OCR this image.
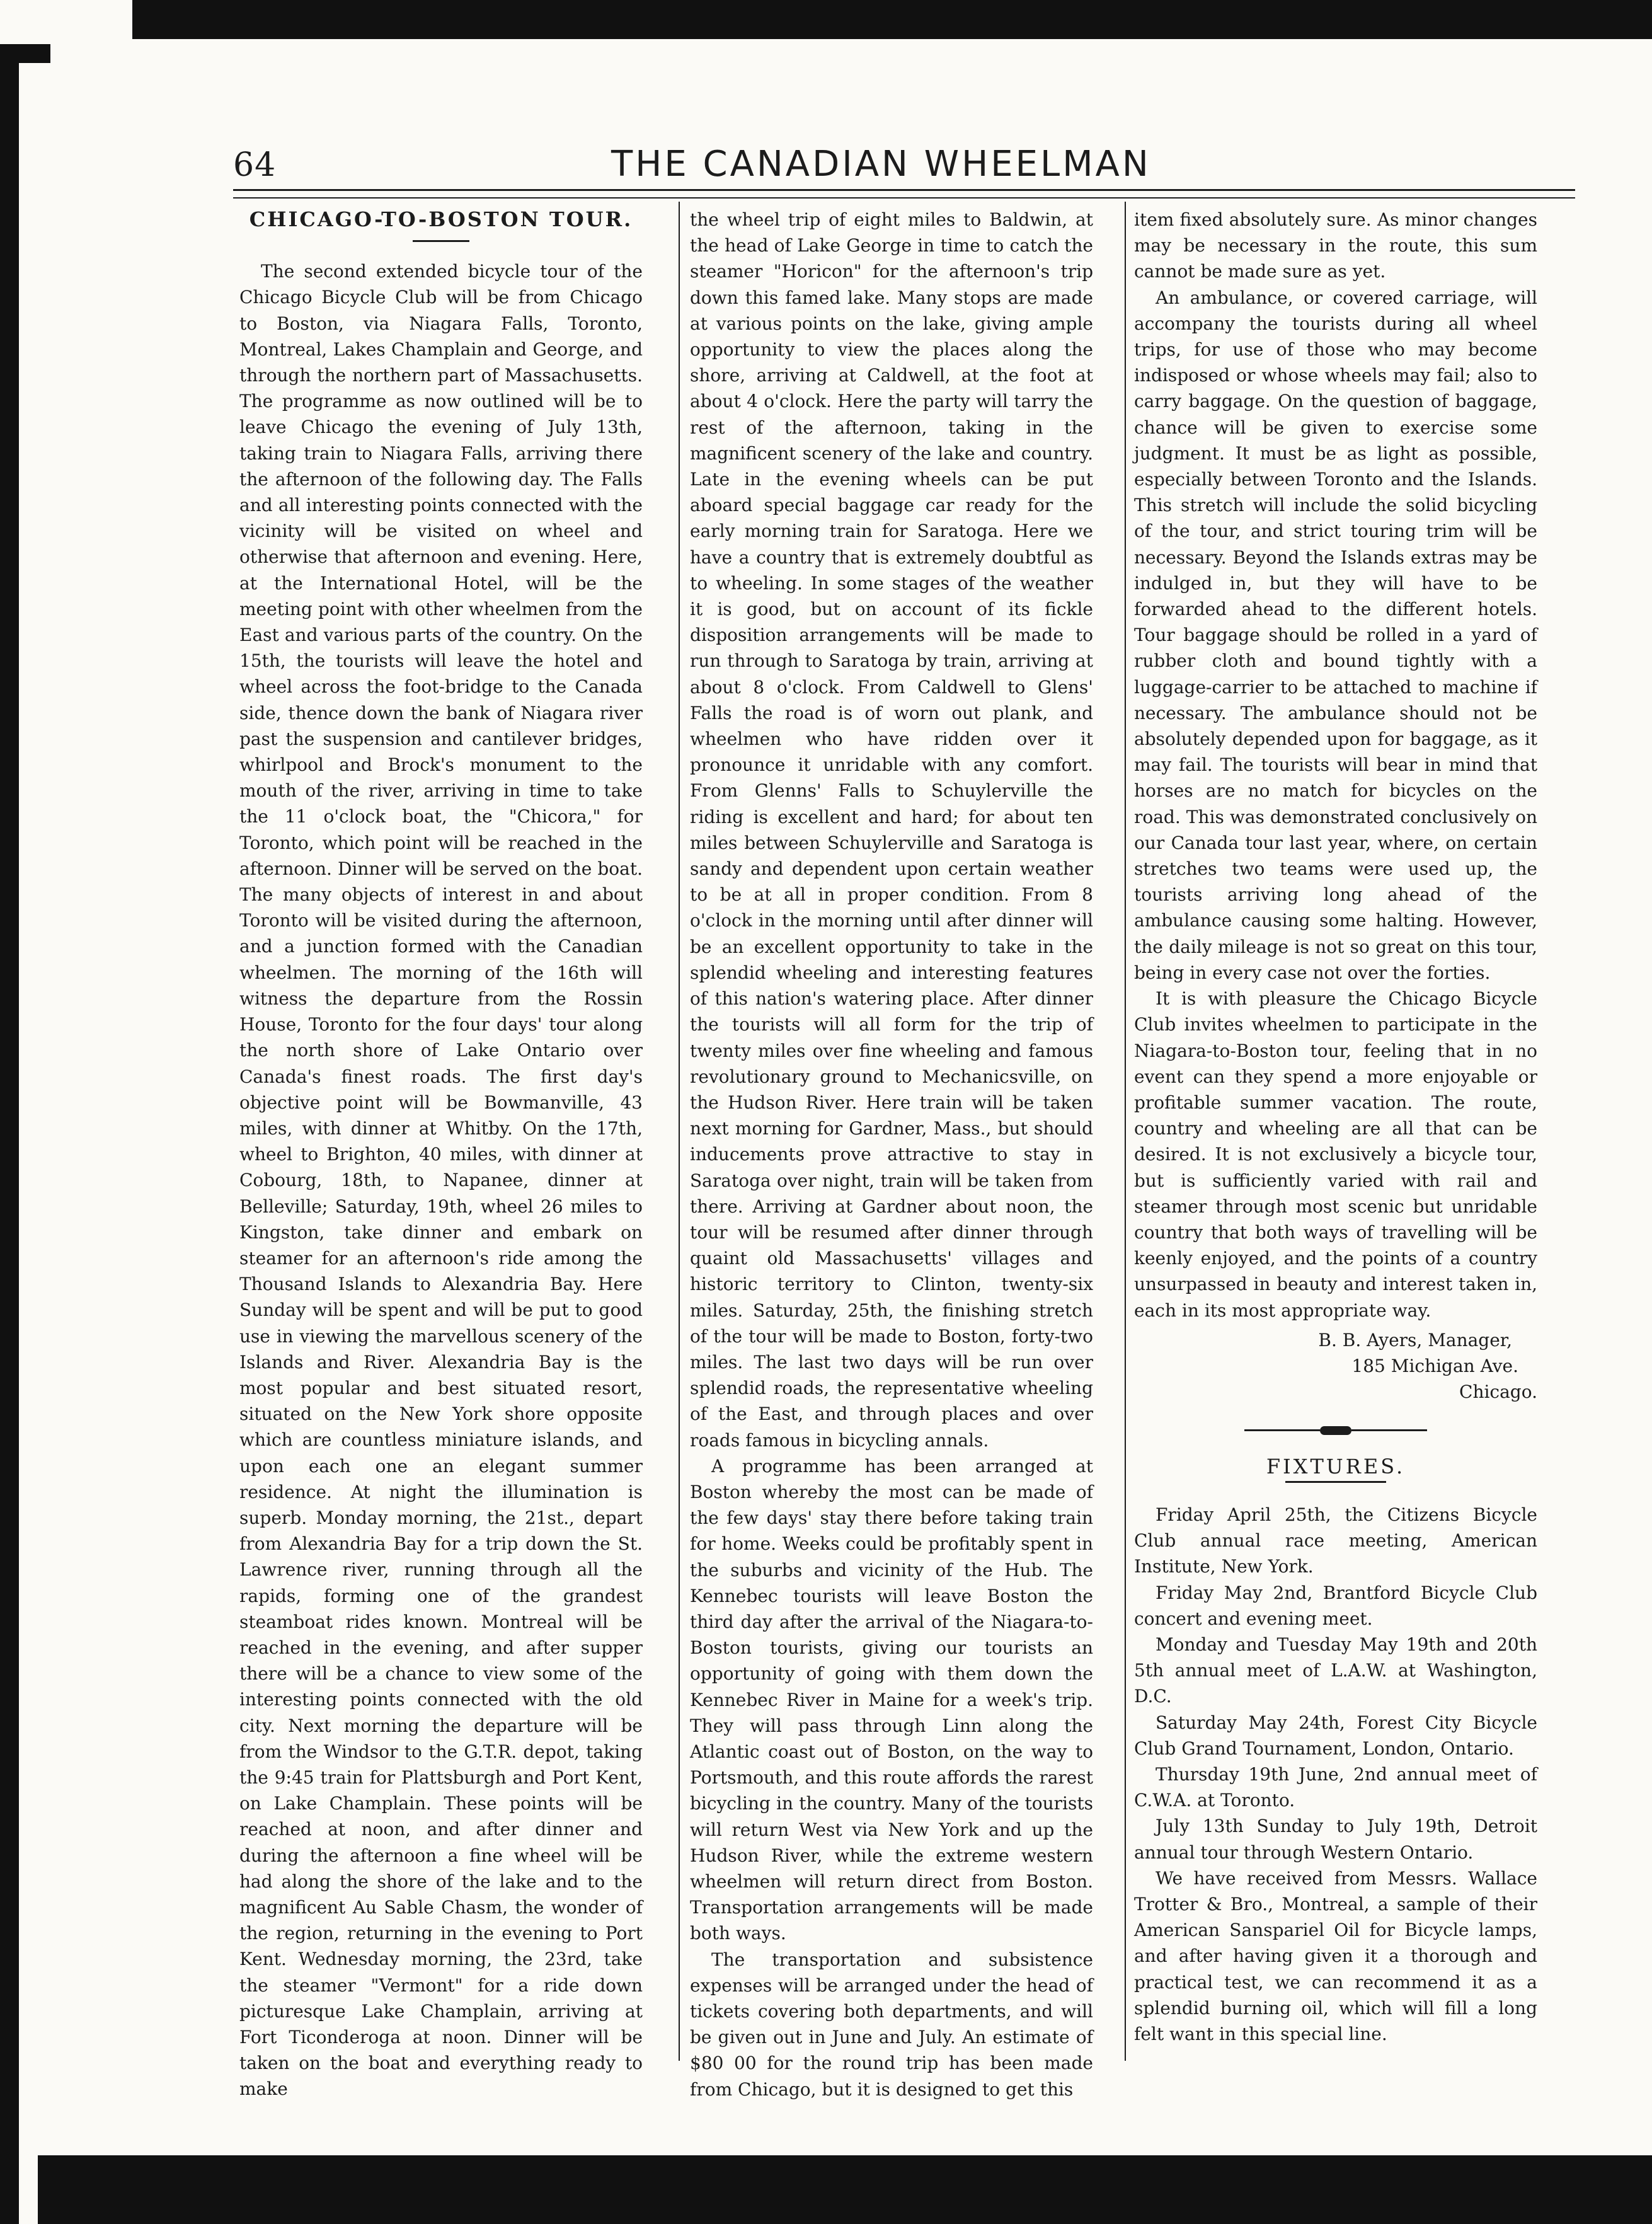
64	THE CANADIAN WHEELMAN
CHICAGO-TO-BOSTON TOUR.

The second extended bicycle tour of the Chicago Bicycle Club will be from Chicago to Boston, via Niagara Falls, Toronto, Montreal, Lakes Champlain and George, and through the northern part of Massachusetts. The programme as now outlined will be to leave Chicago the evening of July 13th, taking train to Niagara Falls, arriving there the afternoon of the following day. The Falls and all interesting points connected with the vicinity will be visited on wheel and otherwise that afternoon and evening. Here, at the International Hotel, will be the meeting point with other wheelmen from the East and various parts of the country. On the 15th, the tourists will leave the hotel and wheel across the foot-bridge to the Canada side, thence down the bank of Niagara river past the suspension and cantilever bridges, whirlpool and Brock's monument to the mouth of the river, arriving in time to take the 11 o'clock boat, the "Chicora," for Toronto, which point will be reached in the afternoon. Dinner will be served on the boat. The many objects of interest in and about Toronto will be visited during the afternoon, and a junction formed with the Canadian wheelmen. The morning of the 16th will witness the departure from the Rossin House, Toronto for the four days' tour along the north shore of Lake Ontario over Canada's finest roads. The first day's objective point will be Bowmanville, 43 miles, with dinner at Whitby. On the 17th, wheel to Brighton, 40 miles, with dinner at Cobourg, 18th, to Napanee, dinner at Belleville; Saturday, 19th, wheel 26 miles to Kingston, take dinner and embark on steamer for an afternoon's ride among the Thousand Islands to Alexandria Bay. Here Sunday will be spent and will be put to good use in viewing the marvellous scenery of the Islands and River. Alexandria Bay is the most popular and best situated resort, situated on the New York shore opposite which are countless miniature islands, and upon each one an elegant summer residence. At night the illumination is superb. Monday morning, the 21st., depart from Alexandria Bay for a trip down the St. Lawrence river, running through all the rapids, forming one of the grandest steamboat rides known. Montreal will be reached in the evening, and after supper there will be a chance to view some of the interesting points connected with the old city. Next morning the departure will be from the Windsor to the G.T.R. depot, taking the 9:45 train for Plattsburgh and Port Kent, on Lake Champlain. These points will be reached at noon, and after dinner and during the afternoon a fine wheel will be had along the shore of the lake and to the magnificent Au Sable Chasm, the wonder of the region, returning in the evening to Port Kent. Wednesday morning, the 23rd, take the steamer "Vermont" for a ride down picturesque Lake Champlain, arriving at Fort Ticonderoga at noon. Dinner will be taken on the boat and everything ready to make

the wheel trip of eight miles to Baldwin, at the head of Lake George in time to catch the steamer "Horicon" for the afternoon's trip down this famed lake. Many stops are made at various points on the lake, giving ample opportunity to view the places along the shore, arriving at Caldwell, at the foot at about 4 o'clock. Here the party will tarry the rest of the afternoon, taking in the magnificent scenery of the lake and country. Late in the evening wheels can be put aboard special baggage car ready for the early morning train for Saratoga. Here we have a country that is extremely doubtful as to wheeling. In some stages of the weather it is good, but on account of its fickle disposition arrangements will be made to run through to Saratoga by train, arriving at about 8 o'clock. From Caldwell to Glens' Falls the road is of worn out plank, and wheelmen who have ridden over it pronounce it unridable with any comfort. From Glenns' Falls to Schuylerville the riding is excellent and hard; for about ten miles between Schuylerville and Saratoga is sandy and dependent upon certain weather to be at all in proper condition. From 8 o'clock in the morning until after dinner will be an excellent opportunity to take in the splendid wheeling and interesting features of this nation's watering place. After dinner the tourists will all form for the trip of twenty miles over fine wheeling and famous revolutionary ground to Mechanicsville, on the Hudson River. Here train will be taken next morning for Gardner, Mass., but should inducements prove attractive to stay in Saratoga over night, train will be taken from there. Arriving at Gardner about noon, the tour will be resumed after dinner through quaint old Massachusetts' villages and historic territory to Clinton, twenty-six miles. Saturday, 25th, the finishing stretch of the tour will be made to Boston, forty-two miles. The last two days will be run over splendid roads, the representative wheeling of the East, and through places and over roads famous in bicycling annals.

A programme has been arranged at Boston whereby the most can be made of the few days' stay there before taking train for home. Weeks could be profitably spent in the suburbs and vicinity of the Hub. The Kennebec tourists will leave Boston the third day after the arrival of the Niagara-to-Boston tourists, giving our tourists an opportunity of going with them down the Kennebec River in Maine for a week's trip. They will pass through Linn along the Atlantic coast out of Boston, on the way to Portsmouth, and this route affords the rarest bicycling in the country. Many of the tourists will return West via New York and up the Hudson River, while the extreme western wheelmen will return direct from Boston. Transportation arrangements will be made both ways.

The transportation and subsistence expenses will be arranged under the head of tickets covering both departments, and will be given out in June and July. An estimate of $80 00 for the round trip has been made from Chicago, but it is designed to get this

item fixed absolutely sure. As minor changes may be necessary in the route, this sum cannot be made sure as yet.

An ambulance, or covered carriage, will accompany the tourists during all wheel trips, for use of those who may become indisposed or whose wheels may fail; also to carry baggage. On the question of baggage, chance will be given to exercise some judgment. It must be as light as possible, especially between Toronto and the Islands. This stretch will include the solid bicycling of the tour, and strict touring trim will be necessary. Beyond the Islands extras may be indulged in, but they will have to be forwarded ahead to the different hotels. Tour baggage should be rolled in a yard of rubber cloth and bound tightly with a luggage-carrier to be attached to machine if necessary. The ambulance should not be absolutely depended upon for baggage, as it may fail. The tourists will bear in mind that horses are no match for bicycles on the road. This was demonstrated conclusively on our Canada tour last year, where, on certain stretches two teams were used up, the tourists arriving long ahead of the ambulance causing some halting. However, the daily mileage is not so great on this tour, being in every case not over the forties.

It is with pleasure the Chicago Bicycle Club invites wheelmen to participate in the Niagara-to-Boston tour, feeling that in no event can they spend a more enjoyable or profitable summer vacation. The route, country and wheeling are all that can be desired. It is not exclusively a bicycle tour, but is sufficiently varied with rail and steamer through most scenic but unridable country that both ways of travelling will be keenly enjoyed, and the points of a country unsurpassed in beauty and interest taken in, each in its most appropriate way.

B. B. Ayers, Manager,
185 Michigan Ave.
Chicago.
FIXTURES.

Friday April 25th, the Citizens Bicycle Club annual race meeting, American Institute, New York.

Friday May 2nd, Brantford Bicycle Club concert and evening meet.

Monday and Tuesday May 19th and 20th 5th annual meet of L.A.W. at Washington, D.C.

Saturday May 24th, Forest City Bicycle Club Grand Tournament, London, Ontario.

Thursday 19th June, 2nd annual meet of C.W.A. at Toronto.

July 13th Sunday to July 19th, Detroit annual tour through Western Ontario.

We have received from Messrs. Wallace Trotter & Bro., Montreal, a sample of their American Sanspariel Oil for Bicycle lamps, and after having given it a thorough and practical test, we can recommend it as a splendid burning oil, which will fill a long felt want in this special line.
